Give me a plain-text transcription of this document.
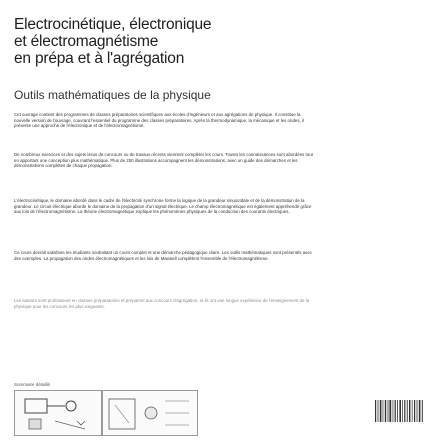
Electrocinétique, électronique
et électromagnétisme
en prépa et à l'agrégation
Outils mathématiques de la physique

Cet ouvrage contient des programmes de classes préparatoires scientifiques aux écoles d'ingénieurs et aux agrégations de physique. Il constitue la nouvelle version de l'ouvrage, couvrant l'essentiel du programme des classes préparatoires. Après la thermodynamique, la mécanique et les ondes, il présente une approche de l'électronique et de l'électromagnétisme.

De nombreux exercices et des sujets issus de concours ou de travaux récents viennent compléter les cours. Toutes les connaissances sont abordées tout en apportant une conception plus mathématique. Plus de 250 illustrations accompagnent les démonstrations, avec un guide des démarches et les démonstrations complètes de chaque propagation.

L'électrocinétique, le domaine abordé dans le cadre de l'électricité synchrone forme la logique de la grandeur sinusoïdale et de la démonstration de la grandeur. Le circuit électrique aborde le domaine de la propagation d'un signal électrique. Le champ électromagnétique est également appréhendé grâce aux lois de l'électromagnétisme. La théorie électromagnétique explique les phénomènes physiques de la conduction des courants électriques.

Ce cours devrait satisfaire les étudiants souhaitant un cours complet et une démarche pédagogique claire. Les outils mathématiques sont présentés avec des exemples. La propagation des ondes électromagnétiques et les lois de Maxwell complètent l'ensemble de l'électromagnétisme.

Les auteurs sont professeurs en classes préparatoires et préparent aux concours d'agrégation, et ils ont une longue expérience de l'enseignement de la physique pour les concours les plus exigeants.

Sommaire détaillé
